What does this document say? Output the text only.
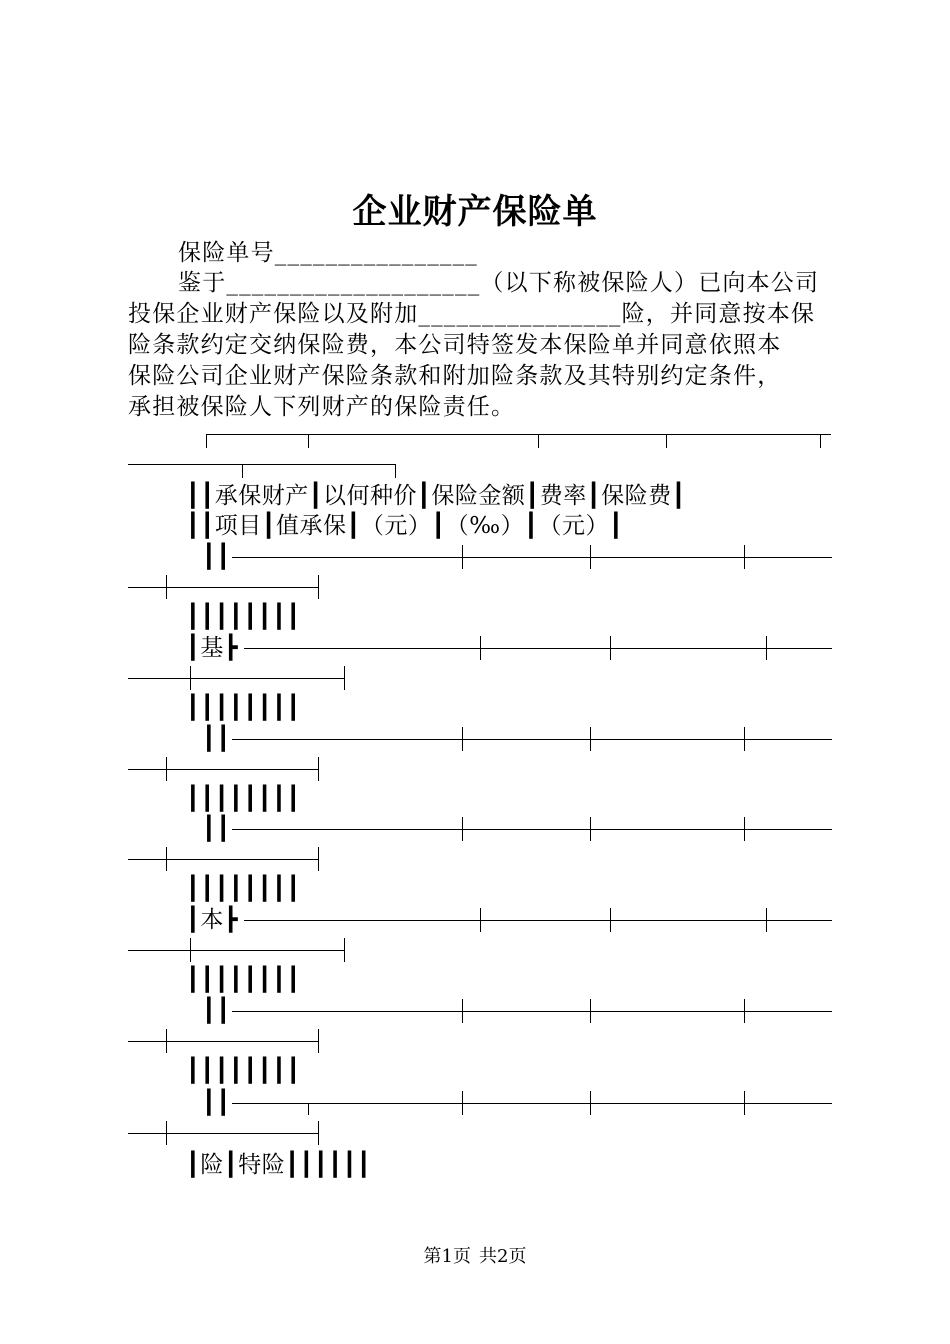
企业财产保险单
保险单号________________
鉴于____________________（以下称被保险人）已向本公司
投保企业财产保险以及附加________________险，并同意按本保
险条款约定交纳保险费，本公司特签发本保险单并同意依照本
保险公司企业财产保险条款和附加险条款及其特别约定条件，
承担被保险人下列财产的保险责任。
┃┃承保财产┃以何种价┃保险金额┃费率┃保险费┃
┃┃项目┃值承保┃（元）┃（‰）┃（元）┃
┃┃
┃┃┃┃┃┃┃┃
┃基┣
┃┃┃┃┃┃┃┃
┃┃
┃┃┃┃┃┃┃┃
┃┃
┃┃┃┃┃┃┃┃
┃本┣
┃┃┃┃┃┃┃┃
┃┃
┃┃┃┃┃┃┃┃
┃┃
┃险┃特险┃┃┃┃┃┃
第1页 共2页
